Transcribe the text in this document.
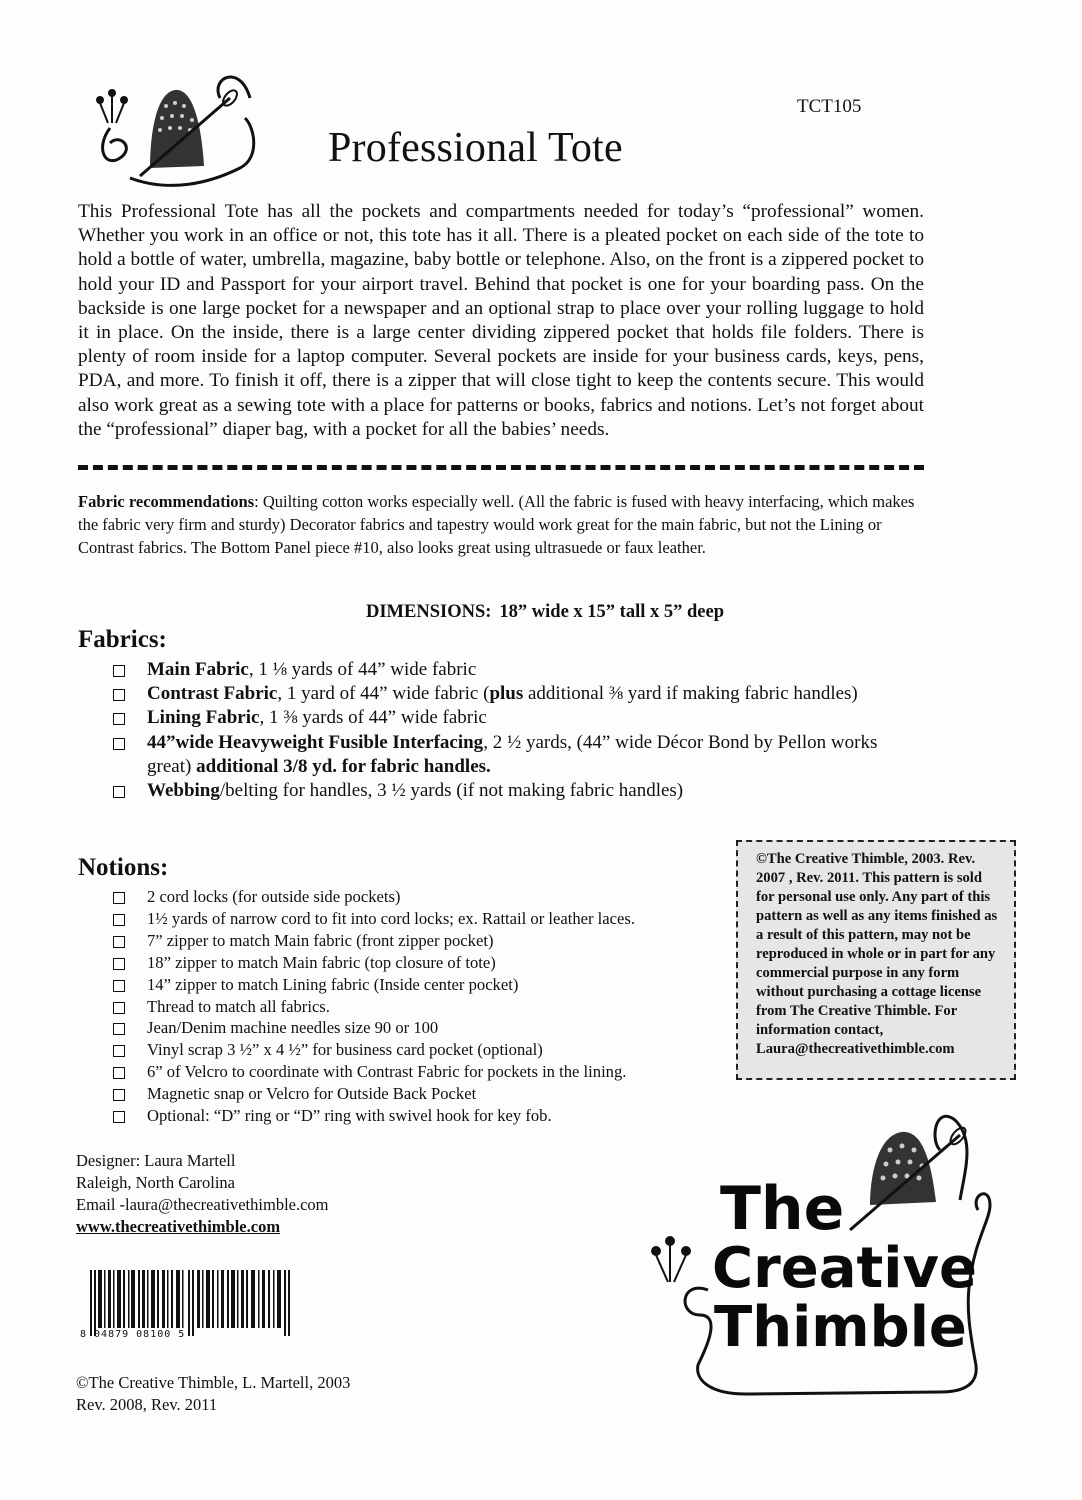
TCT105
Professional Tote

This Professional Tote has all the pockets and compartments needed for today’s “professional” women. Whether you work in an office or not, this tote has it all. There is a pleated pocket on each side of the tote to hold a bottle of water, umbrella, magazine, baby bottle or telephone. Also, on the front is a zippered pocket to hold your ID and Passport for your airport travel. Behind that pocket is one for your boarding pass. On the backside is one large pocket for a newspaper and an optional strap to place over your rolling luggage to hold it in place. On the inside, there is a large center dividing zippered pocket that holds file folders. There is plenty of room inside for a laptop computer. Several pockets are inside for your business cards, keys, pens, PDA, and more. To finish it off, there is a zipper that will close tight to keep the contents secure. This would also work great as a sewing tote with a place for patterns or books, fabrics and notions. Let’s not forget about the “professional” diaper bag, with a pocket for all the babies’ needs.

Fabric recommendations: Quilting cotton works especially well. (All the fabric is fused with heavy interfacing, which makes the fabric very firm and sturdy) Decorator fabrics and tapestry would work great for the main fabric, but not the Lining or Contrast fabrics. The Bottom Panel piece #10, also looks great using ultrasuede or faux leather.

DIMENSIONS: 18” wide x 15” tall x 5” deep
Fabrics:
Main Fabric, 1 ⅛ yards of 44” wide fabric
Contrast Fabric, 1 yard of 44” wide fabric (plus additional ⅜ yard if making fabric handles)
Lining Fabric, 1 ⅜ yards of 44” wide fabric
44”wide Heavyweight Fusible Interfacing, 2 ½ yards, (44” wide Décor Bond by Pellon works great) additional 3/8 yd. for fabric handles.
Webbing/belting for handles, 3 ½ yards (if not making fabric handles)
Notions:
2 cord locks (for outside side pockets)
1½ yards of narrow cord to fit into cord locks; ex. Rattail or leather laces.
7” zipper to match Main fabric (front zipper pocket)
18” zipper to match Main fabric (top closure of tote)
14” zipper to match Lining fabric (Inside center pocket)
Thread to match all fabrics.
Jean/Denim machine needles size 90 or 100
Vinyl scrap 3 ½” x 4 ½” for business card pocket (optional)
6” of Velcro to coordinate with Contrast Fabric for pockets in the lining.
Magnetic snap or Velcro for Outside Back Pocket
Optional: “D” ring or “D” ring with swivel hook for key fob.
©The Creative Thimble, 2003. Rev. 2007 , Rev. 2011. This pattern is sold for personal use only. Any part of this pattern as well as any items finished as a result of this pattern, may not be reproduced in whole or in part for any commercial purpose in any form without purchasing a cottage license from The Creative Thimble. For information contact, Laura@thecreativethimble.com
Designer: Laura Martell
Raleigh, North Carolina
Email -laura@thecreativethimble.com
www.thecreativethimble.com
8 04879 08100 5
©The Creative Thimble, L. Martell, 2003
Rev. 2008, Rev. 2011
The
Creative
Thimble
